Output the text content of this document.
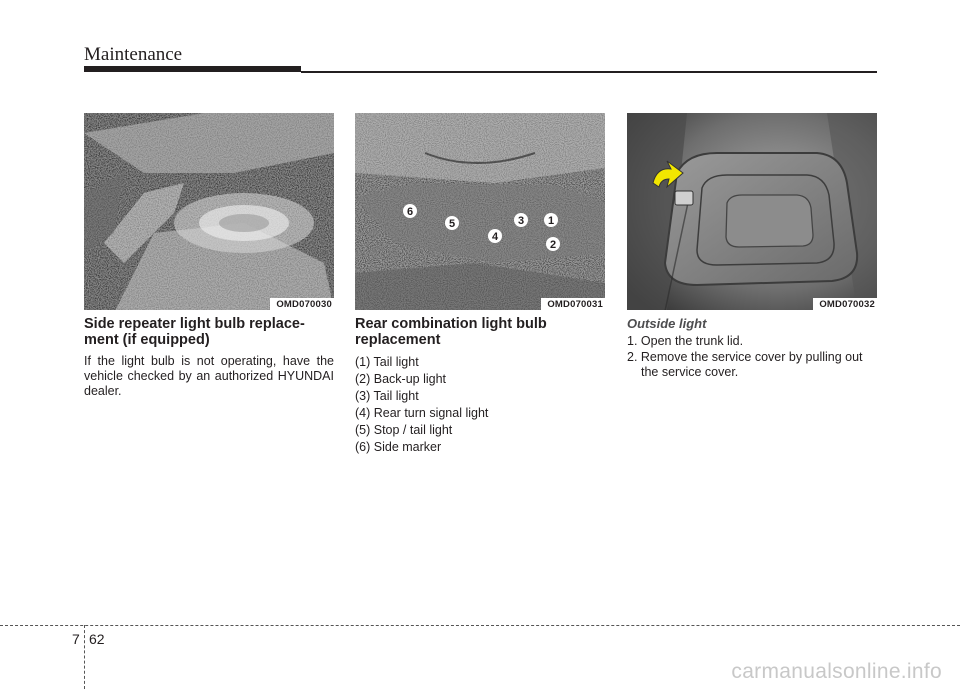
Maintenance
OMD070030
6
5	3 1
4
2
OMD070031	OMD070032
Side repeater light bulb replace-ment (if equipped)

If the light bulb is not operating, have the vehicle checked by an authorized HYUNDAI dealer.

Rear combination light bulb replacement
(1) Tail light
(2) Back-up light
(3) Tail light
(4) Rear turn signal light
(5) Stop / tail light
(6) Side marker
Outside light
1. Open the trunk lid.
2. Remove the service cover by pulling out the service cover.
7 62
carmanualsonline.info
